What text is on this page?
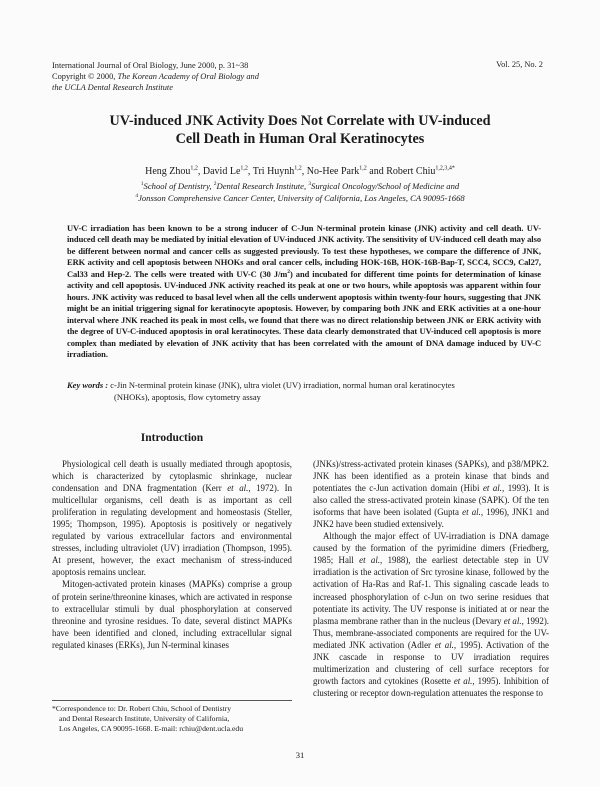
International Journal of Oral Biology, June 2000, p. 31~38
Copyright © 2000, The Korean Academy of Oral Biology and
the UCLA Dental Research Institute
Vol. 25, No. 2
UV-induced JNK Activity Does Not Correlate with UV-induced
Cell Death in Human Oral Keratinocytes
Heng Zhou$^{1,2}$, David Le$^{1,2}$, Tri Huynh$^{1,2}$, No-Hee Park$^{1,2}$ and Robert Chiu$^{1,2,3,4*}$
$^1$School of Dentistry, $^2$Dental Research Institute, $^3$Surgical Oncology/School of Medicine and
$^4$Jonsson Comprehensive Cancer Center, University of California, Los Angeles, CA 90095-1668
UV-C irradiation has been known to be a strong inducer of C-Jun N-terminal protein kinase (JNK) activity and cell death. UV-induced cell death may be mediated by initial elevation of UV-induced JNK activity. The sensitivity of UV-induced cell death may also be different between normal and cancer cells as suggested previously. To test these hypotheses, we compare the difference of JNK, ERK activity and cell apoptosis between NHOKs and oral cancer cells, including HOK-16B, HOK-16B-Bap-T, SCC4, SCC9, Cal27, Cal33 and Hep-2. The cells were treated with UV-C (30 $J/m^2$) and incubated for different time points for determination of kinase activity and cell apoptosis. UV-induced JNK activity reached its peak at one or two hours, while apoptosis was apparent within four hours. JNK activity was reduced to basal level when all the cells underwent apoptosis within twenty-four hours, suggesting that JNK might be an initial triggering signal for keratinocyte apoptosis. However, by comparing both JNK and ERK activities at a one-hour interval where JNK reached its peak in most cells, we found that there was no direct relationship between JNK or ERK activity with the degree of UV-C-induced apoptosis in oral keratinocytes. These data clearly demonstrated that UV-induced cell apoptosis is more complex than mediated by elevation of JNK activity that has been correlated with the amount of DNA damage induced by UV-C irradiation.
Key words : c-Jin N-terminal protein kinase (JNK), ultra violet (UV) irradiation, normal human oral keratinocytes
(NHOKs), apoptosis, flow cytometry assay
Introduction

Physiological cell death is usually mediated through apoptosis, which is characterized by cytoplasmic shrinkage, nuclear condensation and DNA fragmentation (Kerr et al., 1972). In multicellular organisms, cell death is as important as cell proliferation in regulating development and homeostasis (Steller, 1995; Thompson, 1995). Apoptosis is positively or negatively regulated by various extracellular factors and environmental stresses, including ultraviolet (UV) irradiation (Thompson, 1995). At present, however, the exact mechanism of stress-induced apoptosis remains unclear.

Mitogen-activated protein kinases (MAPKs) comprise a group of protein serine/threonine kinases, which are activated in response to extracellular stimuli by dual phosphorylation at conserved threonine and tyrosine residues. To date, several distinct MAPKs have been identified and cloned, including extracellular signal regulated kinases (ERKs), Jun N-terminal kinases

(JNKs)/stress-activated protein kinases (SAPKs), and p38/MPK2. JNK has been identified as a protein kinase that binds and potentiates the c-Jun activation domain (Hibi et al., 1993). It is also called the stress-activated protein kinase (SAPK). Of the ten isoforms that have been isolated (Gupta et al., 1996), JNK1 and JNK2 have been studied extensively.

Although the major effect of UV-irradiation is DNA damage caused by the formation of the pyrimidine dimers (Friedberg, 1985; Hall et al., 1988), the earliest detectable step in UV irradiation is the activation of Src tyrosine kinase, followed by the activation of Ha-Ras and Raf-1. This signaling cascade leads to increased phosphorylation of c-Jun on two serine residues that potentiate its activity. The UV response is initiated at or near the plasma membrane rather than in the nucleus (Devary et al., 1992). Thus, membrane-associated components are required for the UV-mediated JNK activation (Adler et al., 1995). Activation of the JNK cascade in response to UV irradiation requires multimerization and clustering of cell surface receptors for growth factors and cytokines (Rosette et al., 1995). Inhibition of clustering or receptor down-regulation attenuates the response to

*Correspondence to: Dr. Robert Chiu, School of Dentistry
and Dental Research Institute, University of California,
Los Angeles, CA 90095-1668. E-mail: rchiu@dent.ucla.edu
31
